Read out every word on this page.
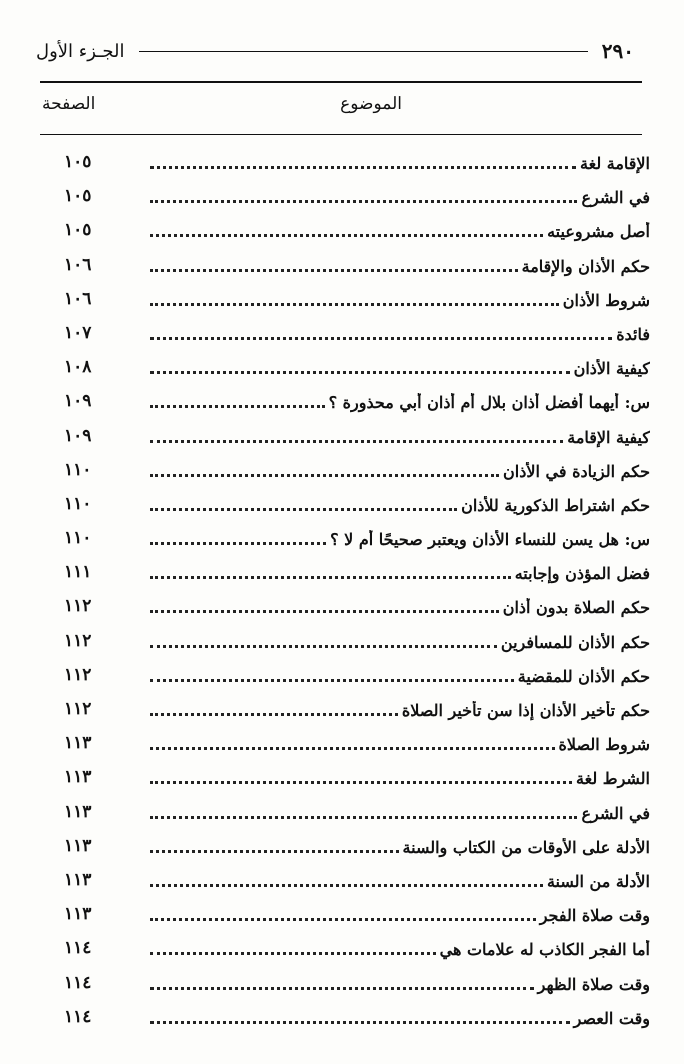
٢٩٠
الجـزء الأول
الموضوع
الصفحة
الإقامة لغة
١٠٥
في الشرع
١٠٥
أصل مشروعيته
١٠٥
حكم الأذان والإقامة
١٠٦
شروط الأذان
١٠٦
فائدة
١٠٧
كيفية الأذان
١٠٨
س: أيهما أفضل أذان بلال أم أذان أبي محذورة ؟
١٠٩
كيفية الإقامة
١٠٩
حكم الزيادة في الأذان
١١٠
حكم اشتراط الذكورية للأذان
١١٠
س: هل يسن للنساء الأذان ويعتبر صحيحًا أم لا ؟
١١٠
فضل المؤذن وإجابته
١١١
حكم الصلاة بدون أذان
١١٢
حكم الأذان للمسافرين
١١٢
حكم الأذان للمقضية
١١٢
حكم تأخير الأذان إذا سن تأخير الصلاة
١١٢
شروط الصلاة
١١٣
الشرط لغة
١١٣
في الشرع
١١٣
الأدلة على الأوقات من الكتاب والسنة
١١٣
الأدلة من السنة
١١٣
وقت صلاة الفجر
١١٣
أما الفجر الكاذب له علامات هي
١١٤
وقت صلاة الظهر
١١٤
وقت العصر
١١٤
